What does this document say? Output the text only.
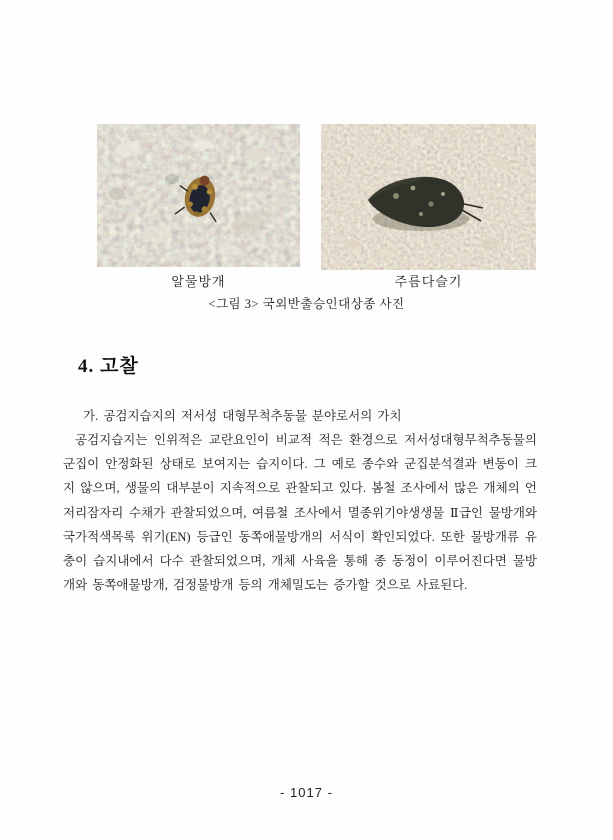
알물방개	주름다슬기
<그림 3> 국외반출승인대상종 사진
4. 고찰
가. 공검지습지의 저서성 대형무척추동물 분야로서의 가치
공검지습지는 인위적은 교란요인이 비교적 적은 환경으로 저서성대형무척추동물의 군집이 안정화된 상태로 보여지는 습지이다. 그 예로 종수와 군집분석결과 변동이 크지 않으며, 생물의 대부분이 지속적으로 관찰되고 있다. 봄철 조사에서 많은 개체의 언저리잠자리 수채가 관찰되었으며, 여름철 조사에서 멸종위기야생생물 Ⅱ급인 물방개와 국가적색목록 위기(EN) 등급인 동쪽애물방개의 서식이 확인되었다. 또한 물방개류 유충이 습지내에서 다수 관찰되었으며, 개체 사육을 통해 종 동정이 이루어진다면 물방개와 동쪽애물방개, 검정물방개 등의 개체밀도는 증가할 것으로 사료된다.
- 1017 -
